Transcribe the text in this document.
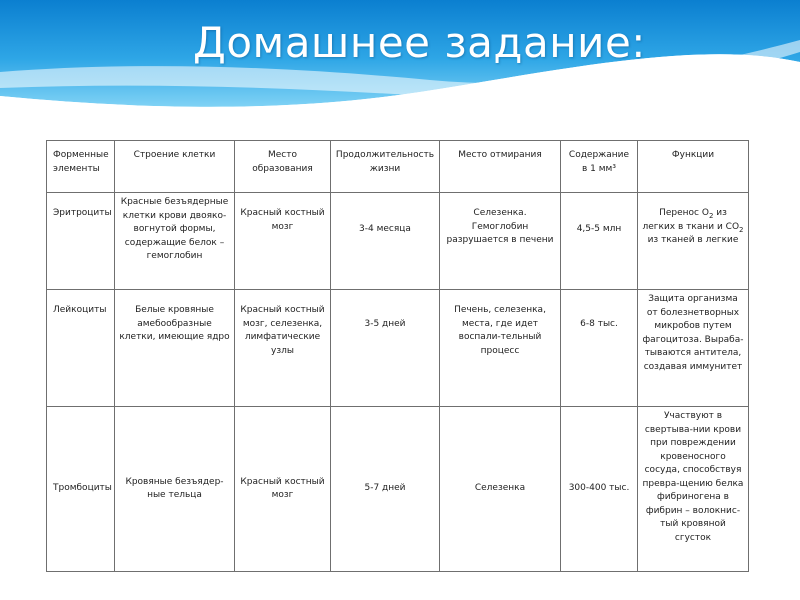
Домашнее задание:
Форменные элементы	Строение клетки	Место образования	Продолжительность жизни	Место отмирания	Содержание в 1 мм³	Функции
Эритроциты	Красные безъядерные клетки крови двояко-вогнутой формы, содержащие белок – гемоглобин	Красный костный мозг	3-4 месяца	Селезенка. Гемоглобин разрушается в печени	4,5-5 млн	Перенос $O_2$ из легких в ткани и $CO_2$ из тканей в легкие
Лейкоциты	Белые кровяные амебообразные клетки, имеющие ядро	Красный костный мозг, селезенка, лимфатические узлы	3-5 дней	Печень, селезенка, места, где идет воспали-тельный процесс	6-8 тыс.	Защита организма от болезнетворных микробов путем фагоцитоза. Выраба-тываются антитела, создавая иммунитет
Тромбоциты	Кровяные безъядер-ные тельца	Красный костный мозг	5-7 дней	Селезенка	300-400 тыс.	Участвуют в свертыва-нии крови при повреждении кровеносного сосуда, способствуя превра-щению белка фибриногена в фибрин – волокнис-тый кровяной сгусток
